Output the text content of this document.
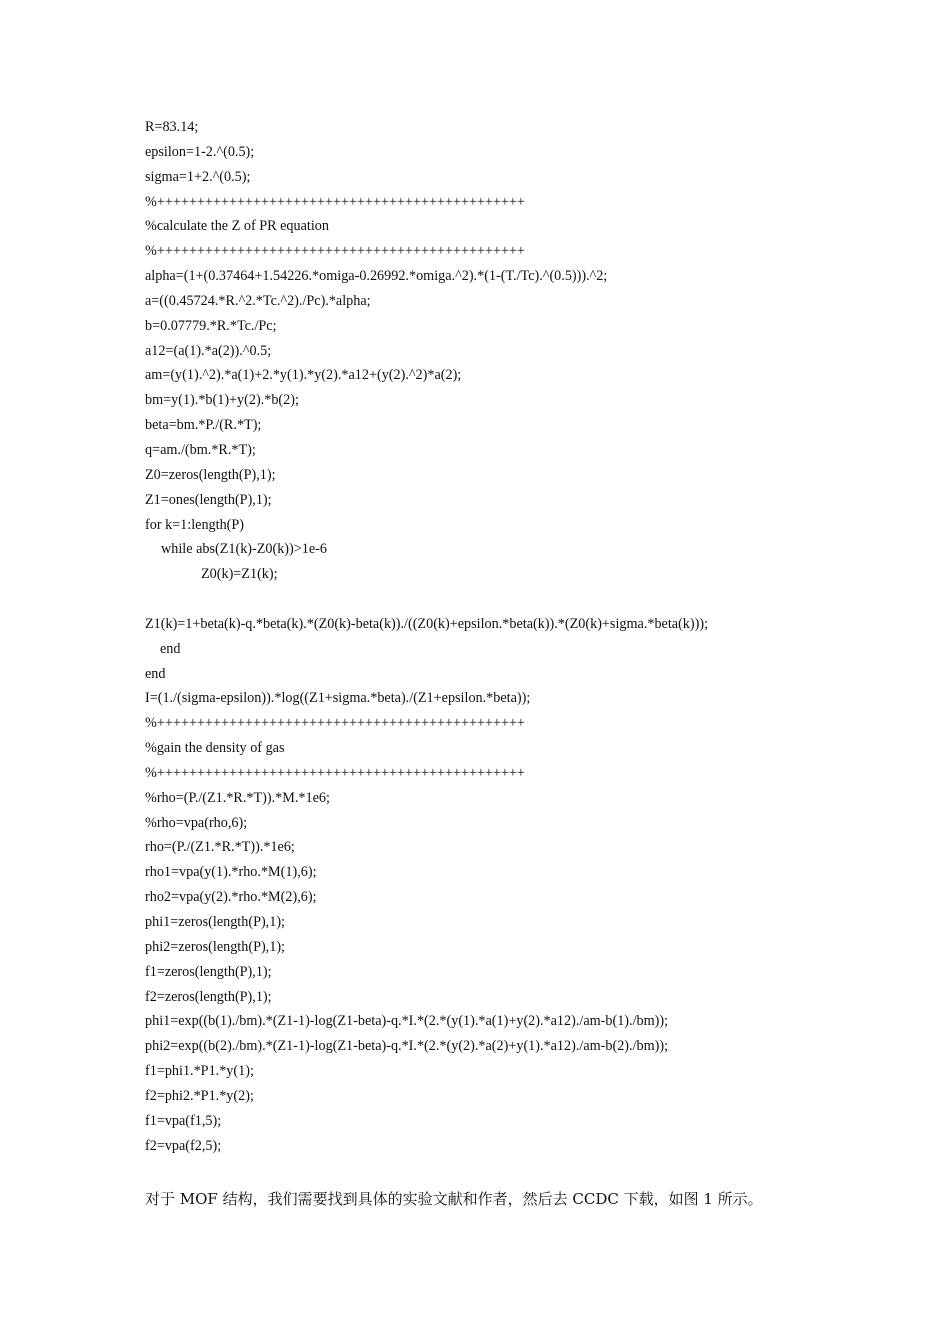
R=83.14;
epsilon=1-2.^(0.5);
sigma=1+2.^(0.5);
%++++++++++++++++++++++++++++++++++++++++++++++
%calculate the Z of PR equation
%++++++++++++++++++++++++++++++++++++++++++++++
alpha=(1+(0.37464+1.54226.*omiga-0.26992.*omiga.^2).*(1-(T./Tc).^(0.5))).^2;
a=((0.45724.*R.^2.*Tc.^2)./Pc).*alpha;
b=0.07779.*R.*Tc./Pc;
a12=(a(1).*a(2)).^0.5;
am=(y(1).^2).*a(1)+2.*y(1).*y(2).*a12+(y(2).^2)*a(2);
bm=y(1).*b(1)+y(2).*b(2);
beta=bm.*P./(R.*T);
q=am./(bm.*R.*T);
Z0=zeros(length(P),1);
Z1=ones(length(P),1);
for k=1:length(P)
while abs(Z1(k)-Z0(k))>1e-6
Z0(k)=Z1(k);
Z1(k)=1+beta(k)-q.*beta(k).*(Z0(k)-beta(k))./((Z0(k)+epsilon.*beta(k)).*(Z0(k)+sigma.*beta(k)));
end
end
I=(1./(sigma-epsilon)).*log((Z1+sigma.*beta)./(Z1+epsilon.*beta));
%++++++++++++++++++++++++++++++++++++++++++++++
%gain the density of gas
%++++++++++++++++++++++++++++++++++++++++++++++
%rho=(P./(Z1.*R.*T)).*M.*1e6;
%rho=vpa(rho,6);
rho=(P./(Z1.*R.*T)).*1e6;
rho1=vpa(y(1).*rho.*M(1),6);
rho2=vpa(y(2).*rho.*M(2),6);
phi1=zeros(length(P),1);
phi2=zeros(length(P),1);
f1=zeros(length(P),1);
f2=zeros(length(P),1);
phi1=exp((b(1)./bm).*(Z1-1)-log(Z1-beta)-q.*I.*(2.*(y(1).*a(1)+y(2).*a12)./am-b(1)./bm));
phi2=exp((b(2)./bm).*(Z1-1)-log(Z1-beta)-q.*I.*(2.*(y(2).*a(2)+y(1).*a12)./am-b(2)./bm));
f1=phi1.*P1.*y(1);
f2=phi2.*P1.*y(2);
f1=vpa(f1,5);
f2=vpa(f2,5);
对于 MOF 结构，我们需要找到具体的实验文献和作者，然后去 CCDC 下载，如图 1 所示。
